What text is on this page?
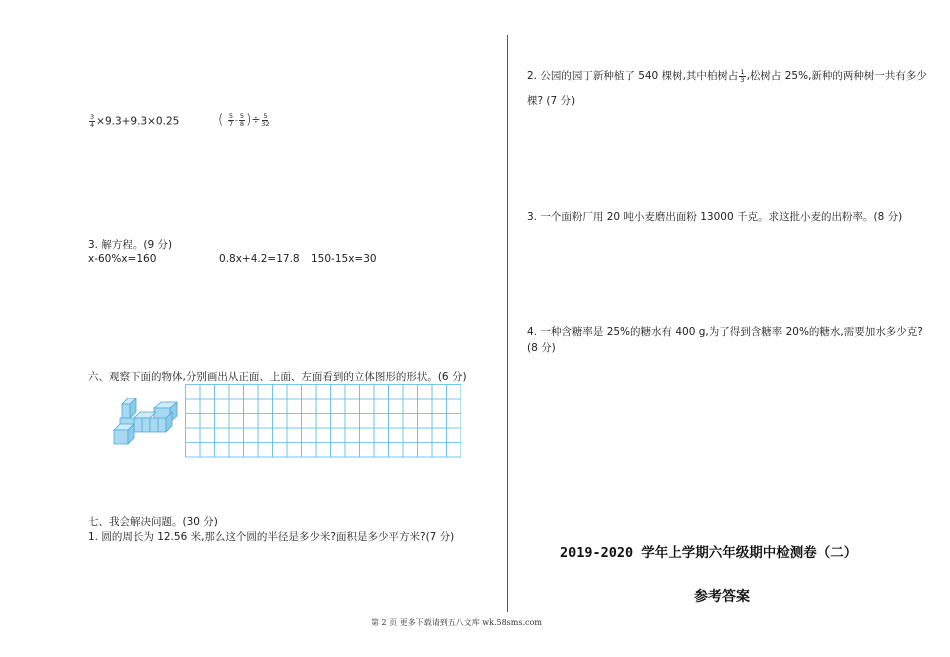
$\frac{3}{4} \times 9.3+9.3\times 0.25$	( $\frac{5}{7} - \frac{5}{8}$ )÷ $\frac{5}{32}$
3. 解方程。(9 分)
x-60%x=160	0.8x+4.2=17.8 150-15x=30
六、观察下面的物体,分别画出从正面、上面、左面看到的立体图形的形状。(6 分)
七、我会解决问题。(30 分)
1. 圆的周长为 12.56 米,那么这个圆的半径是多少米?面积是多少平方米?(7 分)
2. 公园的园丁新种植了 540 棵树,其中柏树占 $\frac{1}{3}$ ,松树占 25%,新种的两种树一共有多少
棵? (7 分)
3. 一个面粉厂用 20 吨小麦磨出面粉 13000 千克。求这批小麦的出粉率。(8 分)
4. 一种含糖率是 25%的糖水有 400 g,为了得到含糖率 20%的糖水,需要加水多少克?
(8 分)
2019-2020 学年上学期六年级期中检测卷（二）
参考答案
第 2 页 更多下载请到五八文库 wk.58sms.com
